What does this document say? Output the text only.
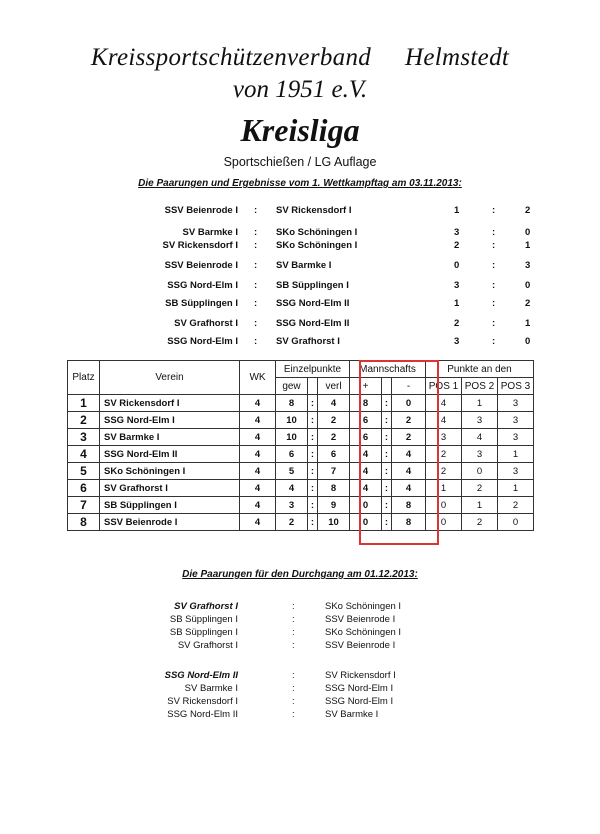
Kreissportschützenverband Helmstedt
von 1951 e.V.
Kreisliga
Sportschießen / LG Auflage
Die Paarungen und Ergebnisse vom 1. Wettkampftag am 03.11.2013:
SSV Beienrode I : SV Rickensdorf I	1	:	2
SV Barmke I : SKo Schöningen I	3	:	0
SV Rickensdorf I : SKo Schöningen I	2	:	1
SSV Beienrode I : SV Barmke I	0	:	3
SSG Nord-Elm I : SB Süpplingen I	3	:	0
SB Süpplingen I : SSG Nord-Elm II	1	:	2
SV Grafhorst I : SSG Nord-Elm II	2	:	1
SSG Nord-Elm I : SV Grafhorst I	3	:	0
Platz	Verein	WK	Einzelpunkte			Mannschafts			Punkte an den		
			gew		verl	+		-	POS 1	POS 2	POS 3
1	SV Rickensdorf I	4	8	:	4	8	:	0	4	1	3
2	SSG Nord-Elm I	4	10	:	2	6	:	2	4	3	3
3	SV Barmke I	4	10	:	2	6	:	2	3	4	3
4	SSG Nord-Elm II	4	6	:	6	4	:	4	2	3	1
5	SKo Schöningen I	4	5	:	7	4	:	4	2	0	3
6	SV Grafhorst I	4	4	:	8	4	:	4	1	2	1
7	SB Süpplingen I	4	3	:	9	0	:	8	0	1	2
8	SSV Beienrode I	4	2	:	10	0	:	8	0	2	0
Die Paarungen für den Durchgang am 01.12.2013:
SV Grafhorst I	:	SKo Schöningen I
SB Süpplingen I	:	SSV Beienrode I
SB Süpplingen I	:	SKo Schöningen I
SV Grafhorst I	:	SSV Beienrode I
SSG Nord-Elm II	:	SV Rickensdorf I
SV Barmke I	:	SSG Nord-Elm I
SV Rickensdorf I	:	SSG Nord-Elm I
SSG Nord-Elm II	:	SV Barmke I
